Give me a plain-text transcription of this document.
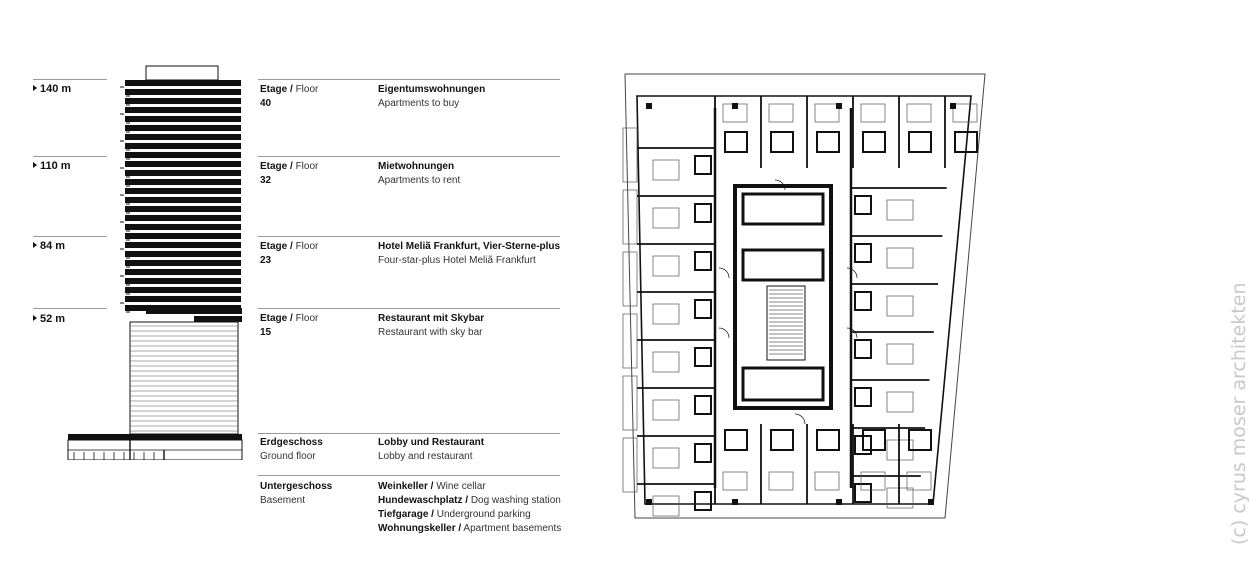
140 m
110 m
84 m
52 m
Etage / Floor
40
Eigentumswohnungen
Apartments to buy
Etage / Floor
32
Mietwohnungen
Apartments to rent
Etage / Floor
23
Hotel Meliã Frankfurt, Vier-Sterne-plus
Four-star-plus Hotel Meliã Frankfurt
Etage / Floor
15
Restaurant mit Skybar
Restaurant with sky bar
Erdgeschoss
Ground floor
Lobby und Restaurant
Lobby and restaurant
Untergeschoss
Basement
Weinkeller / Wine cellar
Hundewaschplatz / Dog washing station
Tiefgarage / Underground parking
Wohnungskeller / Apartment basements	(c) cyrus moser architekten
